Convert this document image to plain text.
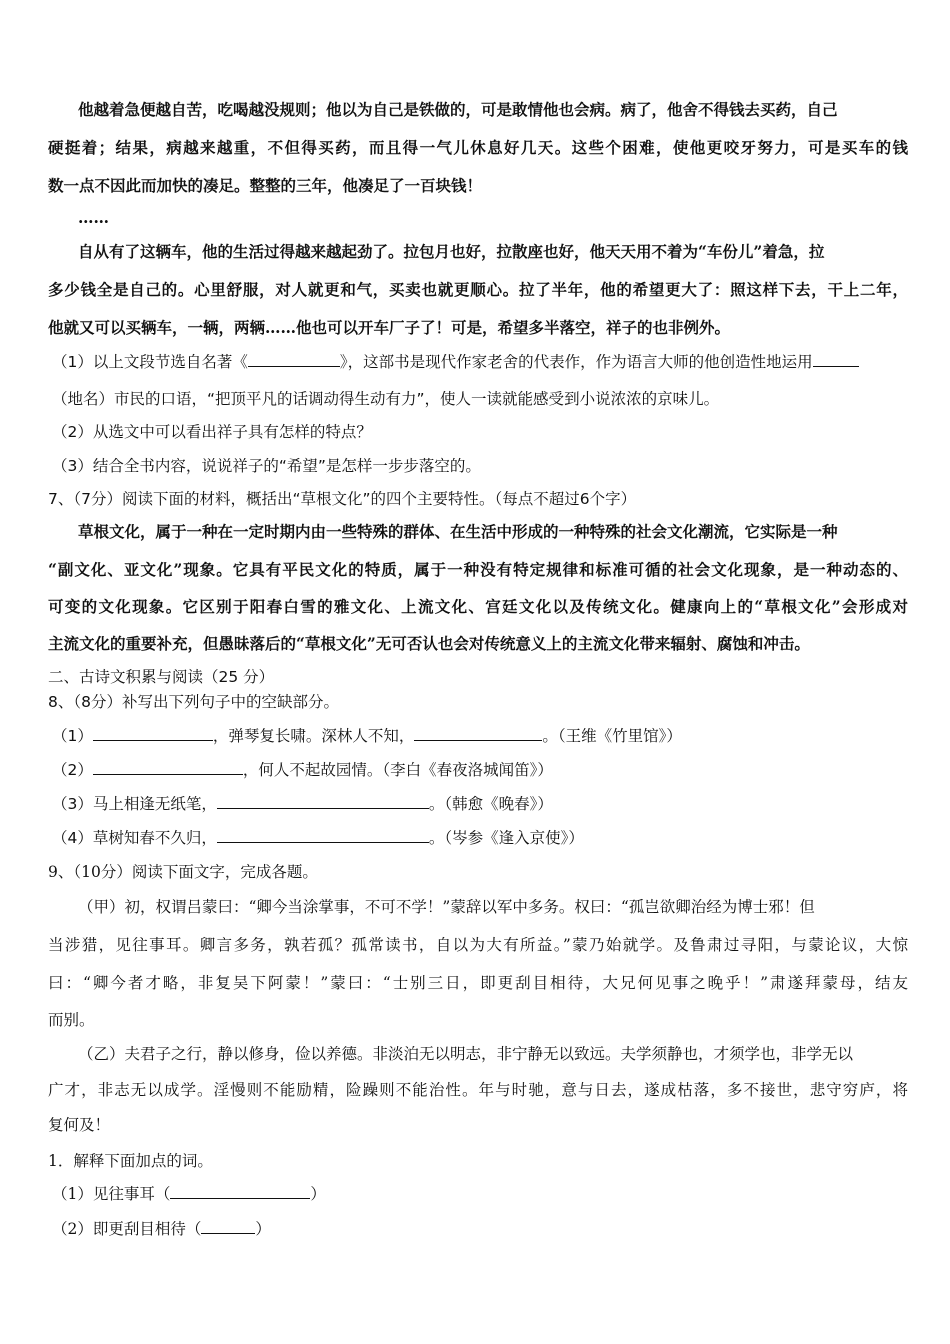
他越着急便越自苦，吃喝越没规则；他以为自己是铁做的，可是敢情他也会病。病了，他舍不得钱去买药，自己
硬挺着；结果，病越来越重，不但得买药，而且得一气儿休息好几天。这些个困难，使他更咬牙努力，可是买车的钱
数一点不因此而加快的凑足。整整的三年，他凑足了一百块钱！
……
自从有了这辆车，他的生活过得越来越起劲了。拉包月也好，拉散座也好，他天天用不着为“车份儿”着急，拉
多少钱全是自己的。心里舒服，对人就更和气，买卖也就更顺心。拉了半年，他的希望更大了：照这样下去，干上二年，
他就又可以买辆车，一辆，两辆……他也可以开车厂子了！可是，希望多半落空，祥子的也非例外。
（1）以上文段节选自名著《	》，这部书是现代作家老舍的代表作，作为语言大师的他创造性地运用
（地名）市民的口语，“把顶平凡的话调动得生动有力”，使人一读就能感受到小说浓浓的京味儿。
（2）从选文中可以看出祥子具有怎样的特点？
（3）结合全书内容，说说祥子的“希望”是怎样一步步落空的。
7、（7分）阅读下面的材料，概括出“草根文化”的四个主要特性。（每点不超过6个字）
草根文化，属于一种在一定时期内由一些特殊的群体、在生活中形成的一种特殊的社会文化潮流，它实际是一种
“副文化、亚文化”现象。它具有平民文化的特质，属于一种没有特定规律和标准可循的社会文化现象，是一种动态的、
可变的文化现象。它区别于阳春白雪的雅文化、上流文化、宫廷文化以及传统文化。健康向上的“草根文化”会形成对
主流文化的重要补充，但愚昧落后的“草根文化”无可否认也会对传统意义上的主流文化带来辐射、腐蚀和冲击。
二、古诗文积累与阅读（25 分）
8、（8分）补写出下列句子中的空缺部分。
（1）	，弹琴复长啸。深林人不知，	。（王维《竹里馆》）
（2）	，何人不起故园情。（李白《春夜洛城闻笛》）
（3）马上相逢无纸笔，	。（韩愈《晚春》）
（4）草树知春不久归，	。（岑参《逢入京使》）
9、（10分）阅读下面文字，完成各题。
（甲）初，权谓吕蒙曰：“卿今当涂掌事，不可不学！”蒙辞以军中多务。权曰：“孤岂欲卿治经为博士邪！但
当涉猎，见往事耳。卿言多务，孰若孤？孤常读书，自以为大有所益。”蒙乃始就学。及鲁肃过寻阳，与蒙论议，大惊
曰：“卿今者才略，非复吴下阿蒙！”蒙曰：“士别三日，即更刮目相待，大兄何见事之晚乎！”肃遂拜蒙母，结友
而别。
（乙）夫君子之行，静以修身，俭以养德。非淡泊无以明志，非宁静无以致远。夫学须静也，才须学也，非学无以
广才，非志无以成学。淫慢则不能励精，险躁则不能治性。年与时驰，意与日去，遂成枯落，多不接世，悲守穷庐，将
复何及！
1．解释下面加点的词。
（1）见往事耳（	）
（2）即更刮目相待（	）
